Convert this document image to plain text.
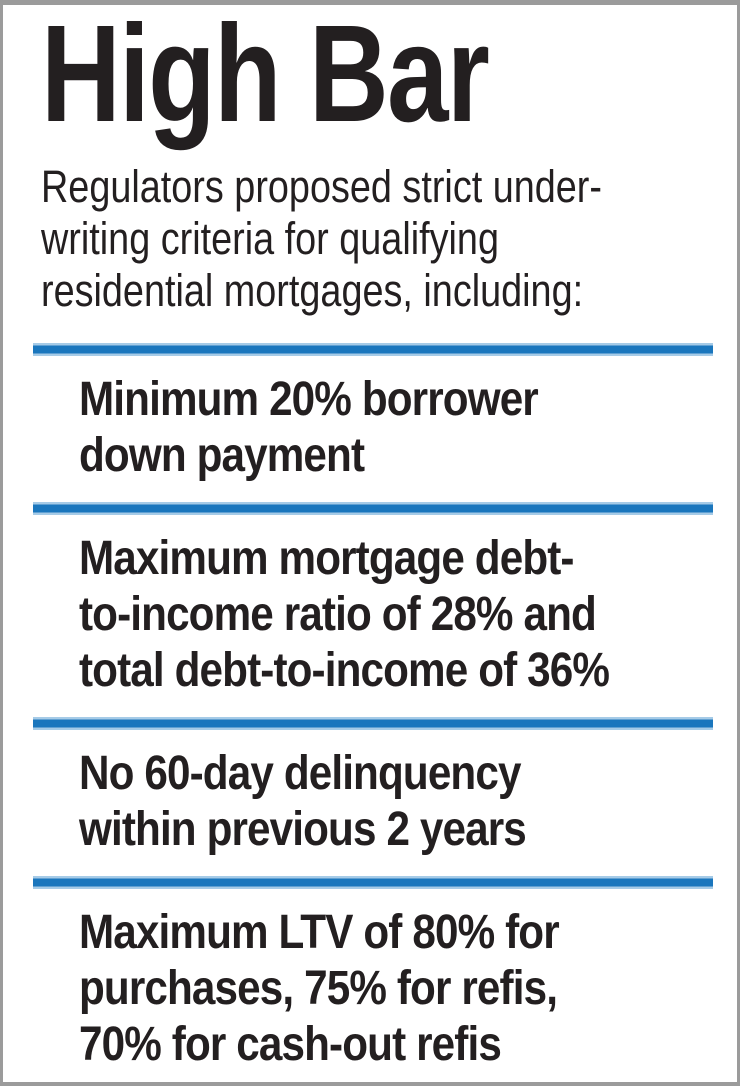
High Bar

Regulators proposed strict under-
writing criteria for qualifying
residential mortgages, including:

Minimum 20% borrower
down payment
Maximum mortgage debt-
to-income ratio of 28% and
total debt-to-income of 36%
No 60-day delinquency
within previous 2 years
Maximum LTV of 80% for
purchases, 75% for refis,
70% for cash-out refis
